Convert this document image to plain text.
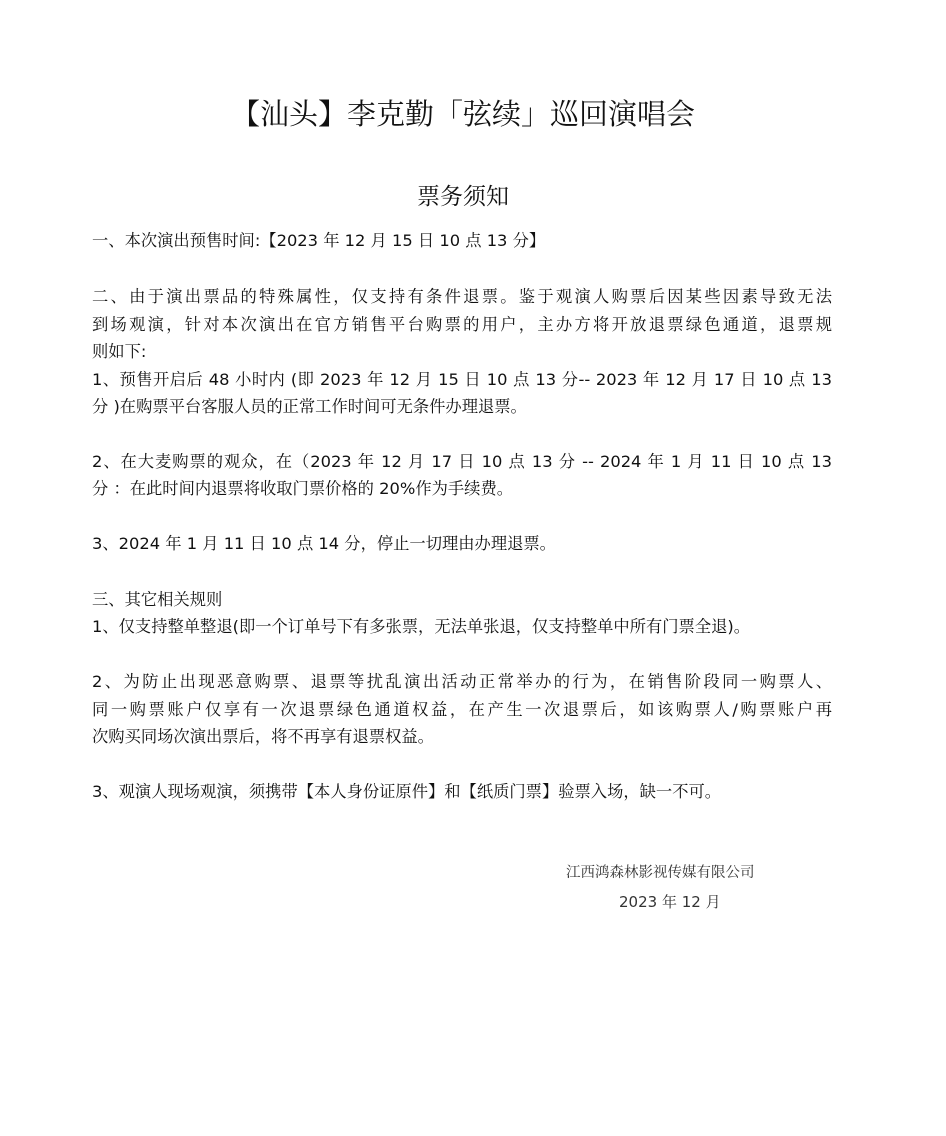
【汕头】李克勤「弦续」巡回演唱会
票务须知
一、本次演出预售时间:【2023 年 12 月 15 日 10 点 13 分】
二、由于演出票品的特殊属性，仅支持有条件退票。鉴于观演人购票后因某些因素导致无法
到场观演，针对本次演出在官方销售平台购票的用户，主办方将开放退票绿色通道，退票规
则如下:
1、预售开启后 48 小时内 (即 2023 年 12 月 15 日 10 点 13 分-- 2023 年 12 月 17 日 10 点 13
分 )在购票平台客服人员的正常工作时间可无条件办理退票。
2、在大麦购票的观众，在（2023 年 12 月 17 日 10 点 13 分 -- 2024 年 1 月 11 日 10 点 13
分 ：在此时间内退票将收取门票价格的 20%作为手续费。
3、2024 年 1 月 11 日 10 点 14 分，停止一切理由办理退票。
三、其它相关规则
1、仅支持整单整退(即一个订单号下有多张票，无法单张退，仅支持整单中所有门票全退)。
2、为防止出现恶意购票、退票等扰乱演出活动正常举办的行为，在销售阶段同一购票人、
同一购票账户仅享有一次退票绿色通道权益，在产生一次退票后，如该购票人/购票账户再
次购买同场次演出票后，将不再享有退票权益。
3、观演人现场观演，须携带【本人身份证原件】和【纸质门票】验票入场，缺一不可。
江西鸿森林影视传媒有限公司
2023 年 12 月
